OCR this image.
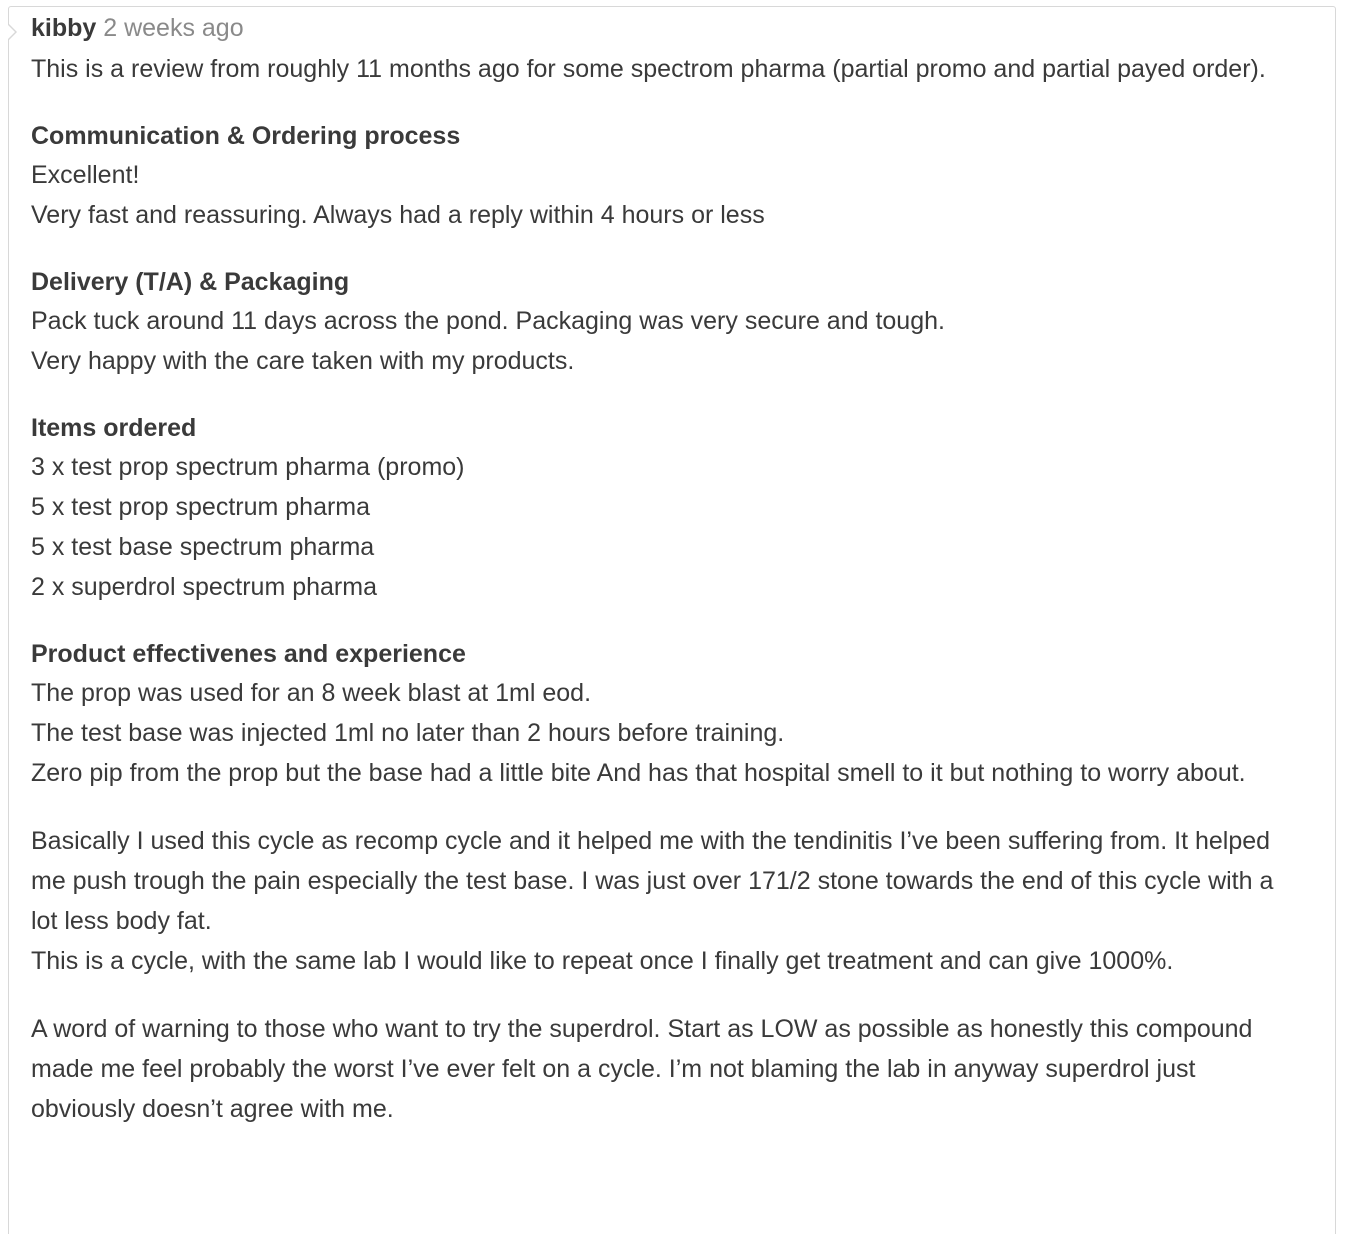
kibby 2 weeks ago

This is a review from roughly 11 months ago for some spectrom pharma (partial promo and partial payed order).

Communication & Ordering process

Excellent!

Very fast and reassuring. Always had a reply within 4 hours or less

Delivery (T/A) & Packaging

Pack tuck around 11 days across the pond. Packaging was very secure and tough.

Very happy with the care taken with my products.

Items ordered

3 x test prop spectrum pharma (promo)

5 x test prop spectrum pharma

5 x test base spectrum pharma

2 x superdrol spectrum pharma

Product effectivenes and experience

The prop was used for an 8 week blast at 1ml eod.

The test base was injected 1ml no later than 2 hours before training.

Zero pip from the prop but the base had a little bite And has that hospital smell to it but nothing to worry about.

Basically I used this cycle as recomp cycle and it helped me with the tendinitis I’ve been suffering from. It helped me push trough the pain especially the test base. I was just over 171/2 stone towards the end of this cycle with a lot less body fat.

This is a cycle, with the same lab I would like to repeat once I finally get treatment and can give 1000%.

A word of warning to those who want to try the superdrol. Start as LOW as possible as honestly this compound made me feel probably the worst I’ve ever felt on a cycle. I’m not blaming the lab in anyway superdrol just obviously doesn’t agree with me.
